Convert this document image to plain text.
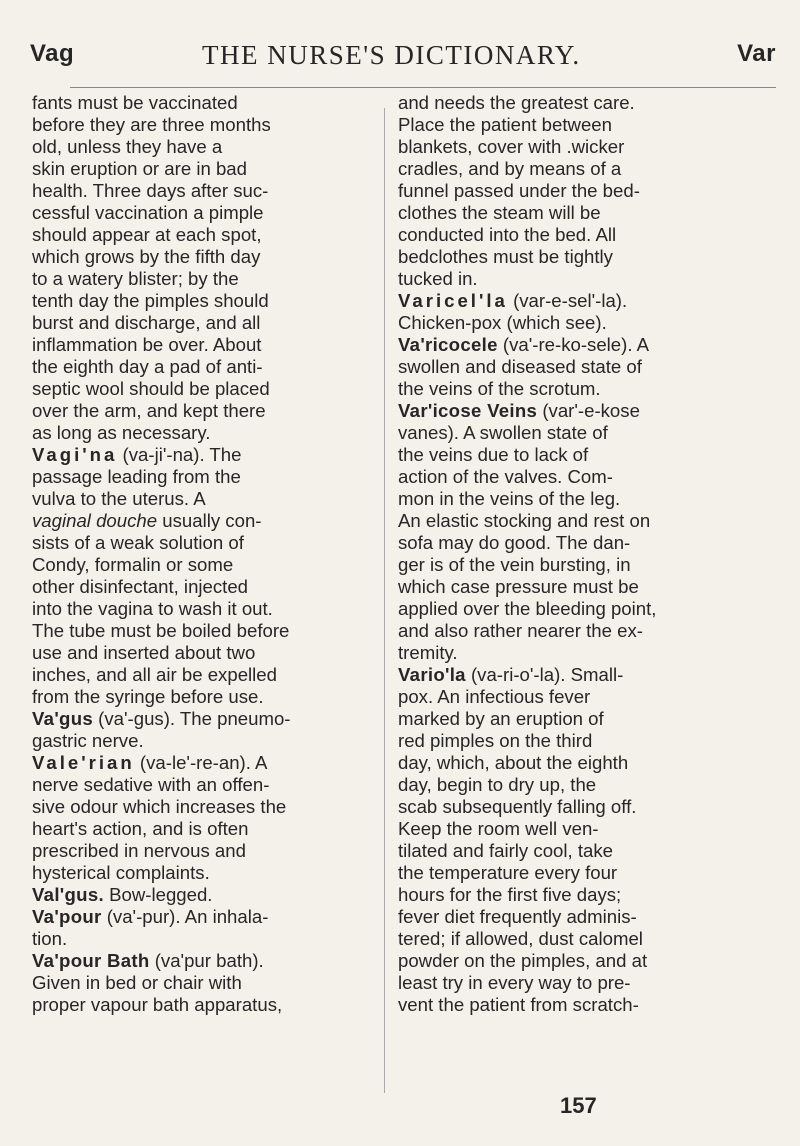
Vag	THE NURSE'S DICTIONARY.	Var

fants must be vaccinated

before they are three months

old, unless they have a

skin eruption or are in bad

health. Three days after suc-

cessful vaccination a pimple

should appear at each spot,

which grows by the fifth day

to a watery blister; by the

tenth day the pimples should

burst and discharge, and all

inflammation be over. About

the eighth day a pad of anti-

septic wool should be placed

over the arm, and kept there

as long as necessary.

Vagi'na (va-ji'-na). The

passage leading from the

vulva to the uterus. A

vaginal douche usually con-

sists of a weak solution of

Condy, formalin or some

other disinfectant, injected

into the vagina to wash it out.

The tube must be boiled before

use and inserted about two

inches, and all air be expelled

from the syringe before use.

Va'gus (va'-gus). The pneumo-

gastric nerve.

Vale'rian (va-le'-re-an). A

nerve sedative with an offen-

sive odour which increases the

heart's action, and is often

prescribed in nervous and

hysterical complaints.

Val'gus. Bow-legged.

Va'pour (va'-pur). An inhala-

tion.

Va'pour Bath (va'pur bath).

Given in bed or chair with

proper vapour bath apparatus,

and needs the greatest care.

Place the patient between

blankets, cover with .wicker

cradles, and by means of a

funnel passed under the bed-

clothes the steam will be

conducted into the bed. All

bedclothes must be tightly

tucked in.

Varicel'la (var-e-sel'-la).

Chicken-pox (which see).

Va'ricocele (va'-re-ko-sele). A

swollen and diseased state of

the veins of the scrotum.

Var'icose Veins (var'-e-kose

vanes). A swollen state of

the veins due to lack of

action of the valves. Com-

mon in the veins of the leg.

An elastic stocking and rest on

sofa may do good. The dan-

ger is of the vein bursting, in

which case pressure must be

applied over the bleeding point,

and also rather nearer the ex-

tremity.

Vario'la (va-ri-o'-la). Small-

pox. An infectious fever

marked by an eruption of

red pimples on the third

day, which, about the eighth

day, begin to dry up, the

scab subsequently falling off.

Keep the room well ven-

tilated and fairly cool, take

the temperature every four

hours for the first five days;

fever diet frequently adminis-

tered; if allowed, dust calomel

powder on the pimples, and at

least try in every way to pre-

vent the patient from scratch-

157
